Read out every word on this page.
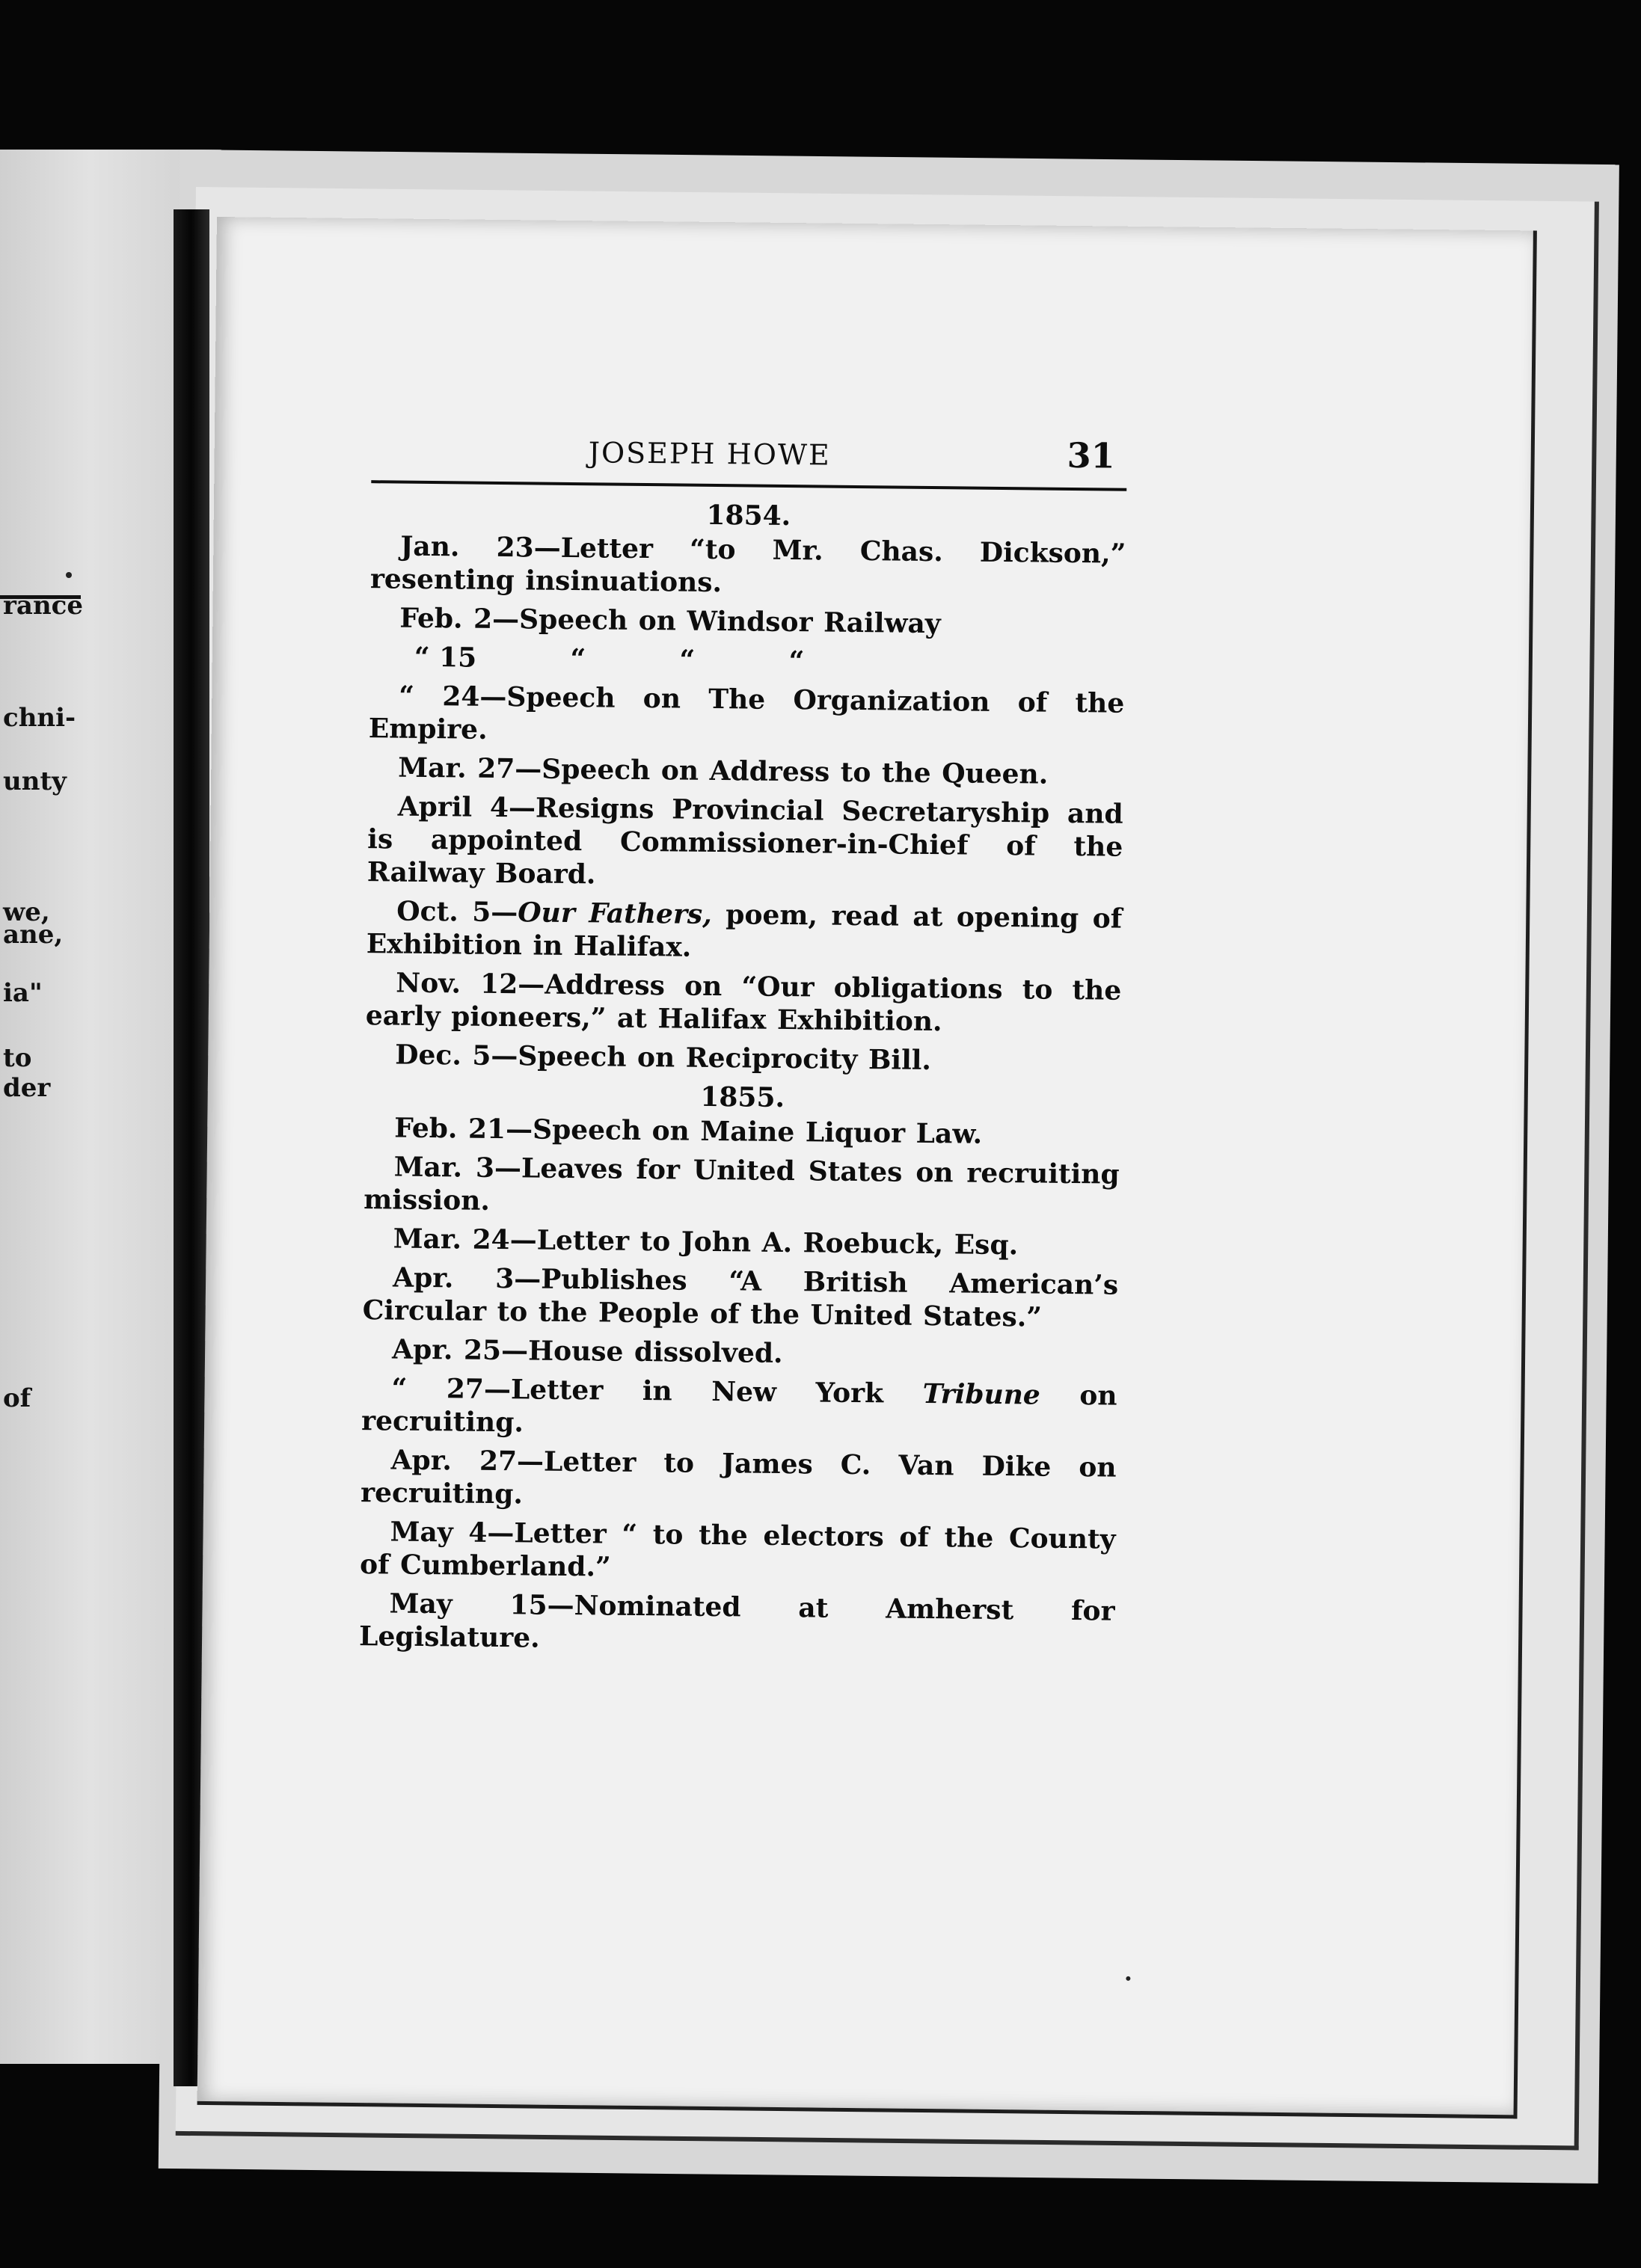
rance
chni-
unty
we,
ane,
ia"
to
der
of
JOSEPH HOWE	31
1854.
Jan. 23—Letter “to Mr. Chas. Dickson,” resenting insinuations.
Feb. 2—Speech on Windsor Railway
“ 15          “          “          “
“ 24—Speech on The Organization of the Empire.
Mar. 27—Speech on Address to the Queen.
April 4—Resigns Provincial Secretaryship and is appointed Commissioner-in-Chief of the Railway Board.
Oct. 5—Our Fathers, poem, read at opening of Exhibition in Halifax.
Nov. 12—Address on “Our obligations to the early pioneers,” at Halifax Exhibition.
Dec. 5—Speech on Reciprocity Bill.
1855.
Feb. 21—Speech on Maine Liquor Law.
Mar. 3—Leaves for United States on recruiting mission.
Mar. 24—Letter to John A. Roebuck, Esq.
Apr. 3—Publishes “A British American’s Circular to the People of the United States.”
Apr. 25—House dissolved.
“ 27—Letter in New York Tribune on recruiting.
Apr. 27—Letter to James C. Van Dike on recruiting.
May 4—Letter “ to the electors of the County of Cumberland.”
May 15—Nominated at Amherst for Legislature.
